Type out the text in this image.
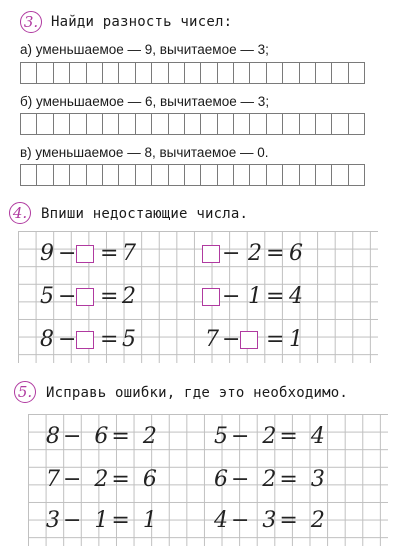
3. Найди разность чисел:
а) уменьшаемое — 9, вычитаемое — 3;
б) уменьшаемое — 6, вычитаемое — 3;
в) уменьшаемое — 8, вычитаемое — 0.
4. Впиши недостающие числа.
9 − = 7	− 2 = 6
5 − = 2	− 1 = 4
8 − = 5	7 − = 1
5. Исправь ошибки, где это необходимо.
8− 6= 2 5− 2= 4
7− 2= 6 6− 2= 3
3− 1= 1 4− 3= 2
